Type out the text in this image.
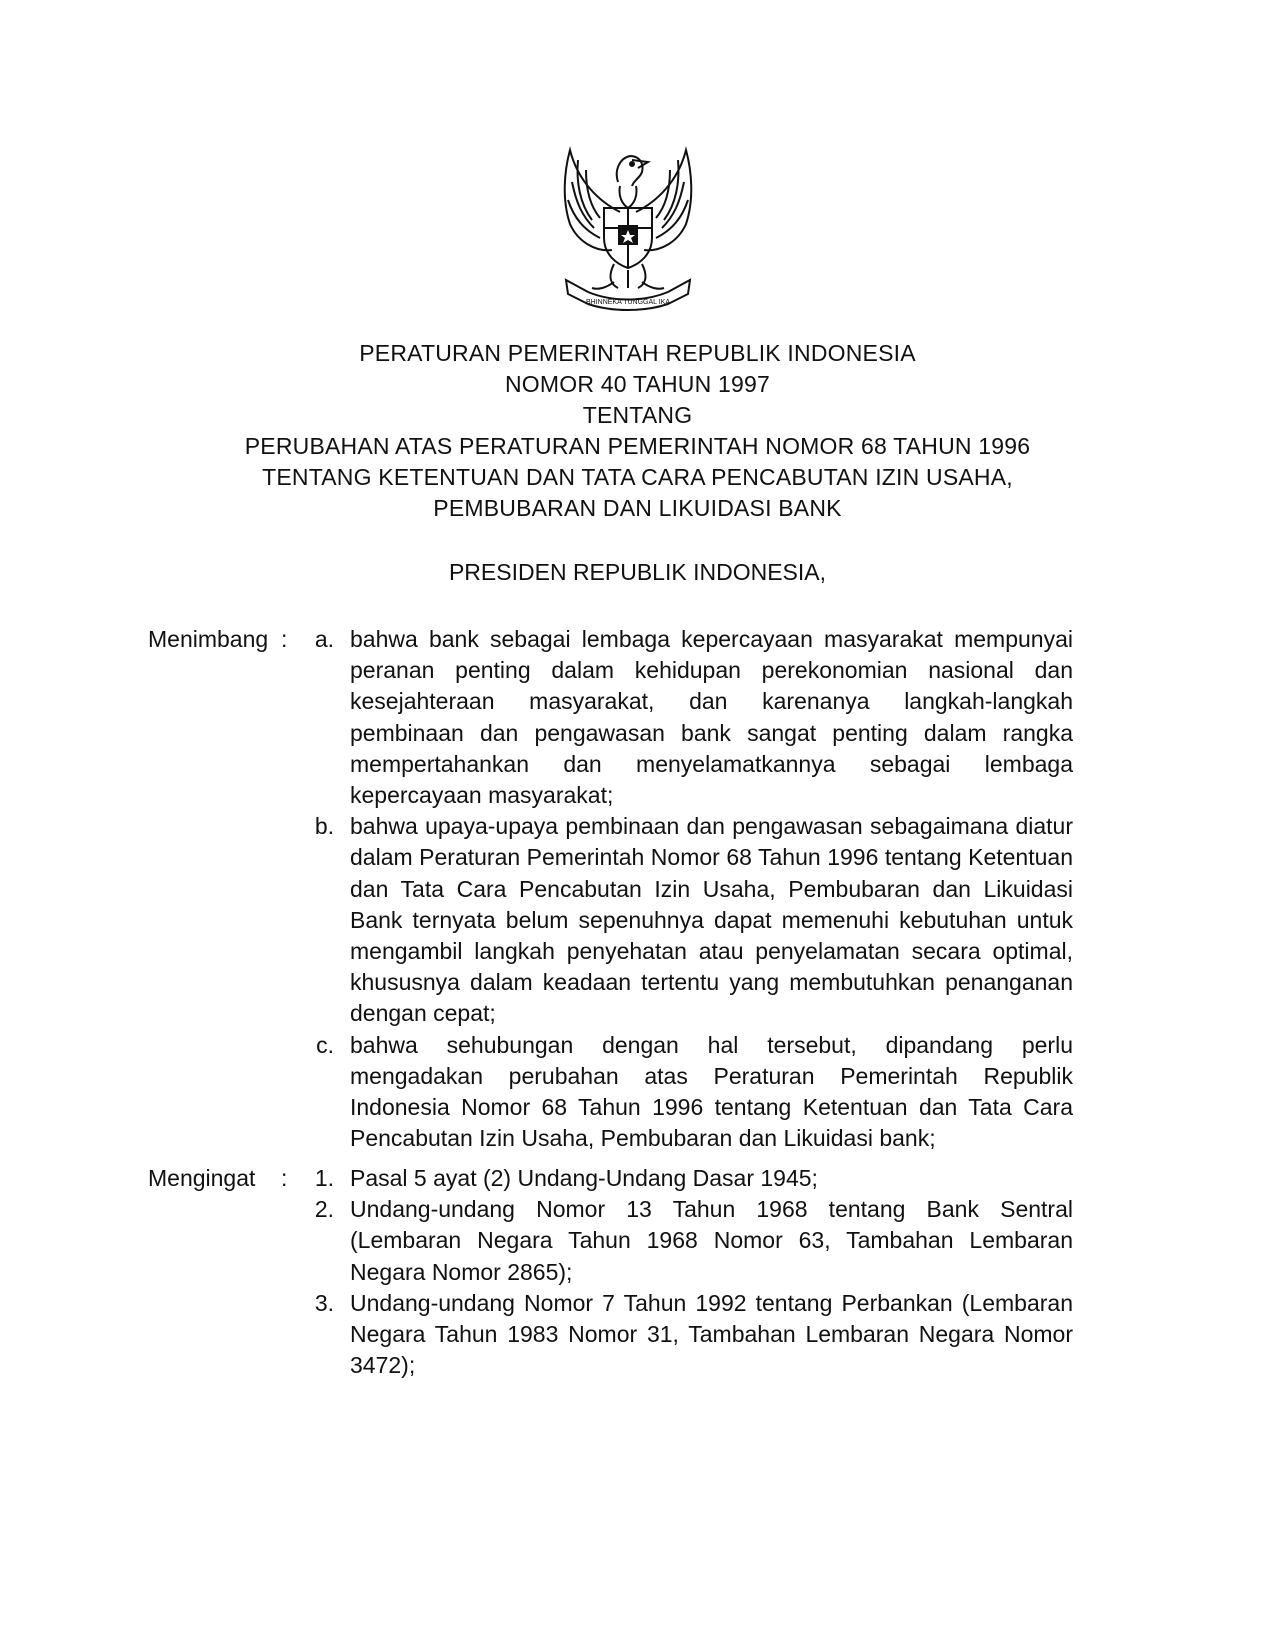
BHINNEKA TUNGGAL IKA
PERATURAN PEMERINTAH REPUBLIK INDONESIA
NOMOR 40 TAHUN 1997
TENTANG
PERUBAHAN ATAS PERATURAN PEMERINTAH NOMOR 68 TAHUN 1996
TENTANG KETENTUAN DAN TATA CARA PENCABUTAN IZIN USAHA,
PEMBUBARAN DAN LIKUIDASI BANK
PRESIDEN REPUBLIK INDONESIA,
Menimbang :	a. bahwa bank sebagai lembaga kepercayaan masyarakat mempunyai peranan penting dalam kehidupan perekonomian nasional dan kesejahteraan masyarakat, dan karenanya langkah-langkah pembinaan dan pengawasan bank sangat penting dalam rangka mempertahankan dan menyelamatkannya sebagai lembaga kepercayaan masyarakat;
b. bahwa upaya-upaya pembinaan dan pengawasan sebagaimana diatur dalam Peraturan Pemerintah Nomor 68 Tahun 1996 tentang Ketentuan dan Tata Cara Pencabutan Izin Usaha, Pembubaran dan Likuidasi Bank ternyata belum sepenuhnya dapat memenuhi kebutuhan untuk mengambil langkah penyehatan atau penyelamatan secara optimal, khususnya dalam keadaan tertentu yang membutuhkan penanganan dengan cepat;
c. bahwa sehubungan dengan hal tersebut, dipandang perlu mengadakan perubahan atas Peraturan Pemerintah Republik Indonesia Nomor 68 Tahun 1996 tentang Ketentuan dan Tata Cara Pencabutan Izin Usaha, Pembubaran dan Likuidasi bank;
Mengingat :	1. Pasal 5 ayat (2) Undang-Undang Dasar 1945;
2. Undang-undang Nomor 13 Tahun 1968 tentang Bank Sentral (Lembaran Negara Tahun 1968 Nomor 63, Tambahan Lembaran Negara Nomor 2865);
3. Undang-undang Nomor 7 Tahun 1992 tentang Perbankan (Lembaran Negara Tahun 1983 Nomor 31, Tambahan Lembaran Negara Nomor 3472);
